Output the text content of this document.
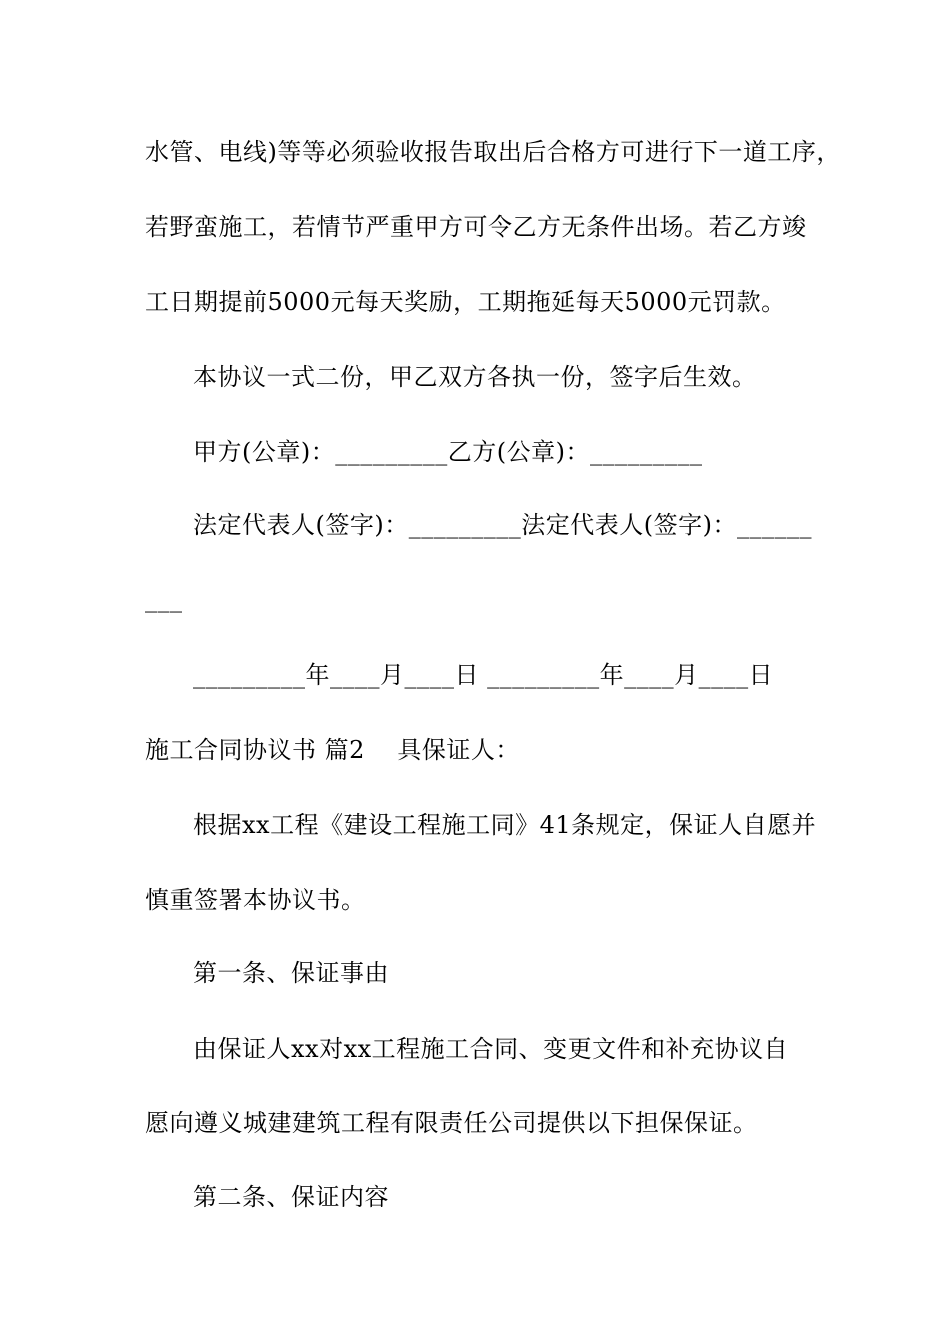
水管、电线)等等必须验收报告取出后合格方可进行下一道工序，
若野蛮施工，若情节严重甲方可令乙方无条件出场。若乙方竣
工日期提前5000元每天奖励，工期拖延每天5000元罚款。
本协议一式二份，甲乙双方各执一份，签字后生效。
甲方(公章)：_________乙方(公章)：_________
法定代表人(签字)：_________法定代表人(签字)：______
___
_________年____月____日 _________年____月____日
施工合同协议书 篇2    具保证人：
根据xx工程《建设工程施工同》41条规定，保证人自愿并
慎重签署本协议书。
第一条、保证事由
由保证人xx对xx工程施工合同、变更文件和补充协议自
愿向遵义城建建筑工程有限责任公司提供以下担保保证。
第二条、保证内容
